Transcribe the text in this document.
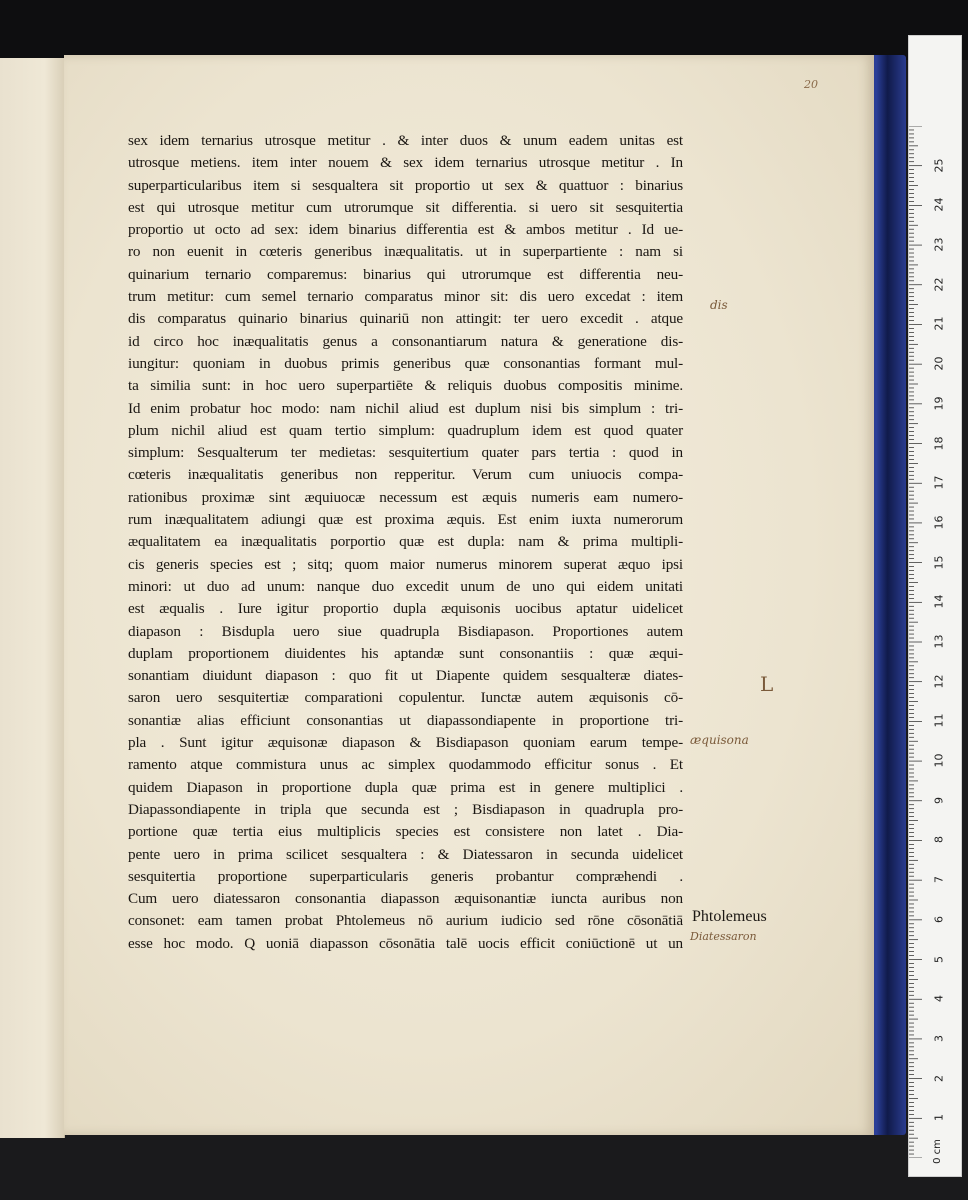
20
sex idem ternarius utrosque metitur . & inter duos & unum eadem unitas est
utrosque metiens. item inter nouem & sex idem ternarius utrosque metitur . In
superparticularibus item si sesqualtera sit proportio ut sex & quattuor : binarius
est qui utrosque metitur cum utrorumque sit differentia. si uero sit sesquitertia
proportio ut octo ad sex: idem binarius differentia est & ambos metitur . Id ue-
ro non euenit in cœteris generibus inæqualitatis. ut in superpartiente : nam si
quinarium ternario comparemus: binarius qui utrorumque est differentia neu-
trum metitur: cum semel ternario comparatus minor sit: dis uero excedat : item
dis comparatus quinario binarius quinariū non attingit: ter uero excedit . atque
id circo hoc inæqualitatis genus a consonantiarum natura & generatione dis-
iungitur: quoniam in duobus primis generibus quæ consonantias formant mul-
ta similia sunt: in hoc uero superpartiēte & reliquis duobus compositis minime.
Id enim probatur hoc modo: nam nichil aliud est duplum nisi bis simplum : tri-
plum nichil aliud est quam tertio simplum: quadruplum idem est quod quater
simplum: Sesqualterum ter medietas: sesquitertium quater pars tertia : quod in
cœteris inæqualitatis generibus non repperitur. Verum cum uniuocis compa-
rationibus proximæ sint æquiuocæ necessum est æquis numeris eam numero-
rum inæqualitatem adiungi quæ est proxima æquis. Est enim iuxta numerorum
æqualitatem ea inæqualitatis porportio quæ est dupla: nam & prima multipli-
cis generis species est ; sitq; quom maior numerus minorem superat æquo ipsi
minori: ut duo ad unum: nanque duo excedit unum de uno qui eidem unitati
est æqualis . Iure igitur proportio dupla æquisonis uocibus aptatur uidelicet
diapason : Bisdupla uero siue quadrupla Bisdiapason. Proportiones autem
duplam proportionem diuidentes his aptandæ sunt consonantiis : quæ æqui-
sonantiam diuidunt diapason : quo fit ut Diapente quidem sesqualteræ diates-
saron uero sesquitertiæ comparationi copulentur. Iunctæ autem æquisonis cō-
sonantiæ alias efficiunt consonantias ut diapassondiapente in proportione tri-
pla . Sunt igitur æquisonæ diapason & Bisdiapason quoniam earum tempe-
ramento atque commistura unus ac simplex quodammodo efficitur sonus . Et
quidem Diapason in proportione dupla quæ prima est in genere multiplici .
Diapassondiapente in tripla que secunda est ; Bisdiapason in quadrupla pro-
portione quæ tertia eius multiplicis species est consistere non latet . Dia-
pente uero in prima scilicet sesqualtera : & Diatessaron in secunda uidelicet
sesquitertia proportione superparticularis generis probantur compræhendi .
Cum uero diatessaron consonantia diapasson æquisonantiæ iuncta auribus non
consonet: eam tamen probat Phtolemeus nō aurium iudicio sed rōne cōsonātiā
esse hoc modo. Q uoniā diapasson cōsonātia talē uocis efficit coniūctionē ut un
dis
L
æquisona
Phtolemeus
Diatessaron
1
2
3
4
5
6
7
8
9
10
11
12
13
14
15
16
17
18
19
20
21
22
23
24
25
0 cm
